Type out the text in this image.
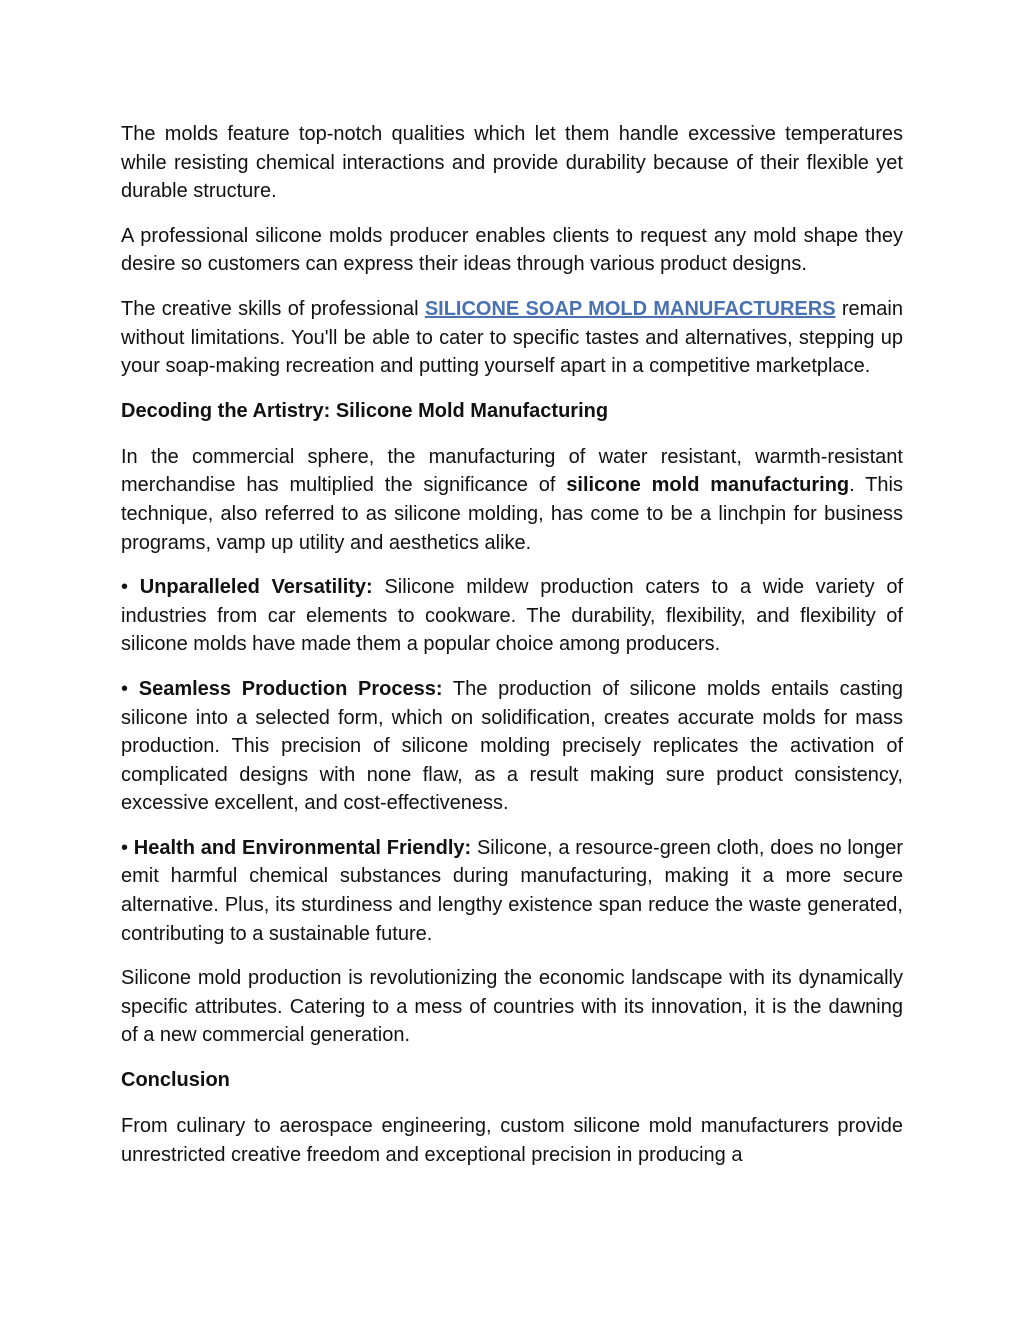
The molds feature top-notch qualities which let them handle excessive temperatures while resisting chemical interactions and provide durability because of their flexible yet durable structure.

A professional silicone molds producer enables clients to request any mold shape they desire so customers can express their ideas through various product designs.

The creative skills of professional SILICONE SOAP MOLD MANUFACTURERS remain without limitations. You'll be able to cater to specific tastes and alternatives, stepping up your soap-making recreation and putting yourself apart in a competitive marketplace.

Decoding the Artistry: Silicone Mold Manufacturing

In the commercial sphere, the manufacturing of water resistant, warmth-resistant merchandise has multiplied the significance of silicone mold manufacturing. This technique, also referred to as silicone molding, has come to be a linchpin for business programs, vamp up utility and aesthetics alike.

• Unparalleled Versatility: Silicone mildew production caters to a wide variety of industries from car elements to cookware. The durability, flexibility, and flexibility of silicone molds have made them a popular choice among producers.

• Seamless Production Process: The production of silicone molds entails casting silicone into a selected form, which on solidification, creates accurate molds for mass production. This precision of silicone molding precisely replicates the activation of complicated designs with none flaw, as a result making sure product consistency, excessive excellent, and cost-effectiveness.

• Health and Environmental Friendly: Silicone, a resource-green cloth, does no longer emit harmful chemical substances during manufacturing, making it a more secure alternative. Plus, its sturdiness and lengthy existence span reduce the waste generated, contributing to a sustainable future.

Silicone mold production is revolutionizing the economic landscape with its dynamically specific attributes. Catering to a mess of countries with its innovation, it is the dawning of a new commercial generation.

Conclusion

From culinary to aerospace engineering, custom silicone mold manufacturers provide unrestricted creative freedom and exceptional precision in producing a
